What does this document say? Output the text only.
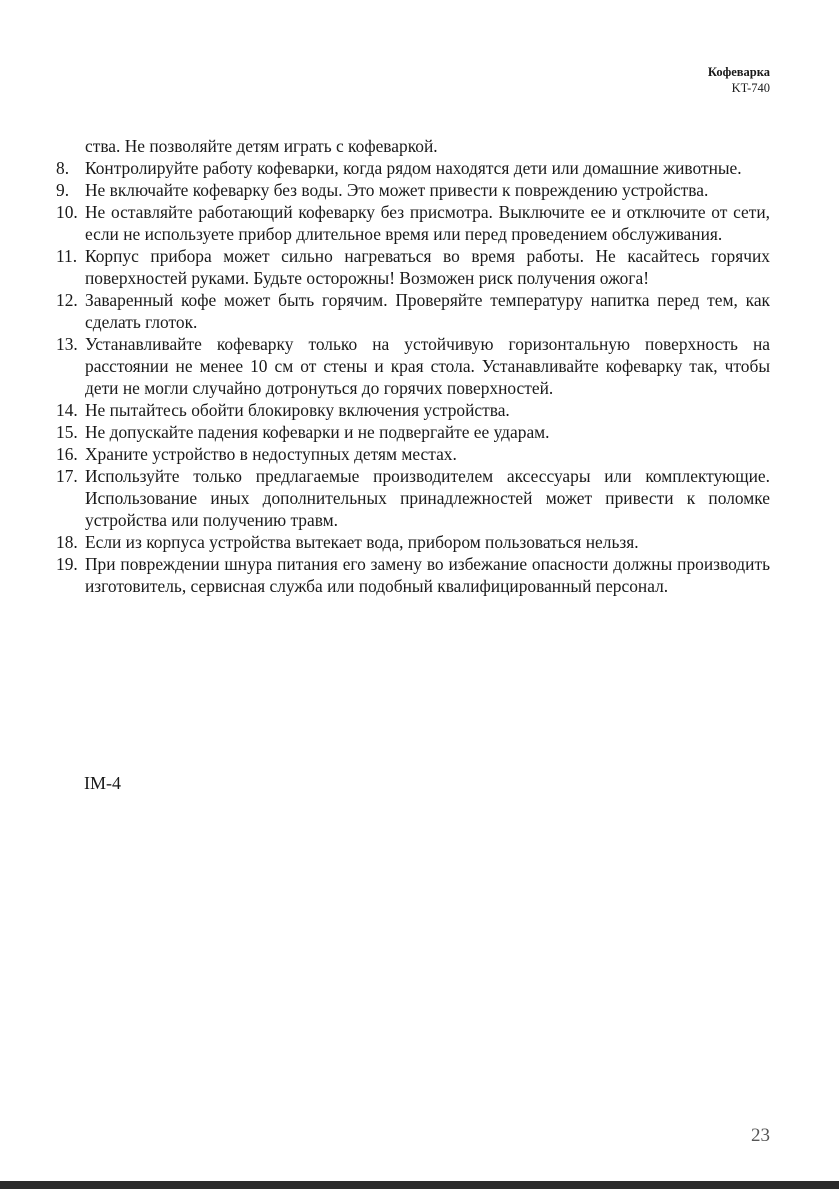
Кофеварка
KT-740
ства. Не позволяйте детям играть с кофеваркой.
8. Контролируйте работу кофеварки, когда рядом находятся дети или домашние животные.
9. Не включайте кофеварку без воды. Это может привести к повреждению устройства.
10. Не оставляйте работающий кофеварку без присмотра. Выключите ее и отключите от сети, если не используете прибор длительное время или перед проведением обслуживания.
11. Корпус прибора может сильно нагреваться во время работы. Не касайтесь горячих поверхностей руками. Будьте осторожны! Возможен риск получения ожога!
12. Заваренный кофе может быть горячим. Проверяйте температуру напитка перед тем, как сделать глоток.
13. Устанавливайте кофеварку только на устойчивую горизонтальную поверхность на расстоянии не менее 10 см от стены и края стола. Устанавливайте кофеварку так, чтобы дети не могли случайно дотронуться до горячих поверхностей.
14. Не пытайтесь обойти блокировку включения устройства.
15. Не допускайте падения кофеварки и не подвергайте ее ударам.
16. Храните устройство в недоступных детям местах.
17. Используйте только предлагаемые производителем аксессуары или комплектующие. Использование иных дополнительных принадлежностей может привести к поломке устройства или получению травм.
18. Если из корпуса устройства вытекает вода, прибором пользоваться нельзя.
19. При повреждении шнура питания его замену во избежание опасности должны производить изготовитель, сервисная служба или подобный квалифицированный персонал.
IM-4
23
